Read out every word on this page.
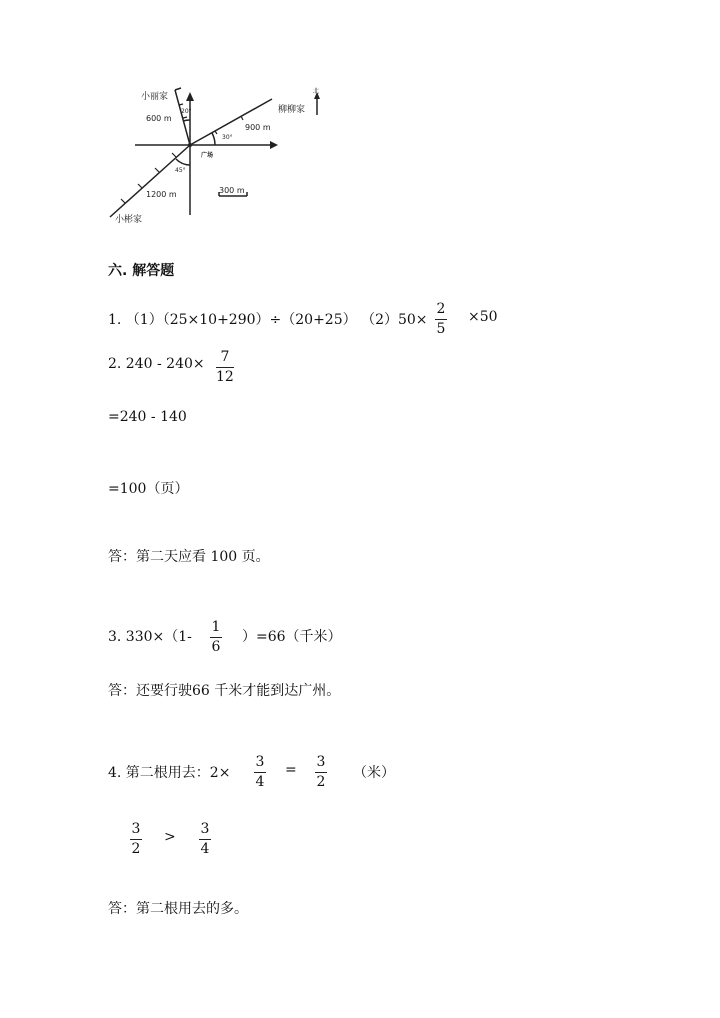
小丽家
600 m
20°	柳柳家
900 m
30°
广场
45°
1200 m
小彬家
300 m
北
六. 解答题
1. （1）（25×10+290）÷（20+25） （2）50×
2
5
×50
2. 240 - 240× 7
12
=240 - 140
=100（页）
答：第二天应看 100 页。
3. 330×（1-
1
6
）=66（千米）
答：还要行驶66 千米才能到达广州。
4. 第二根用去：2×
3
4
= 3
2
（米）
3
2
> 3
4
答：第二根用去的多。
